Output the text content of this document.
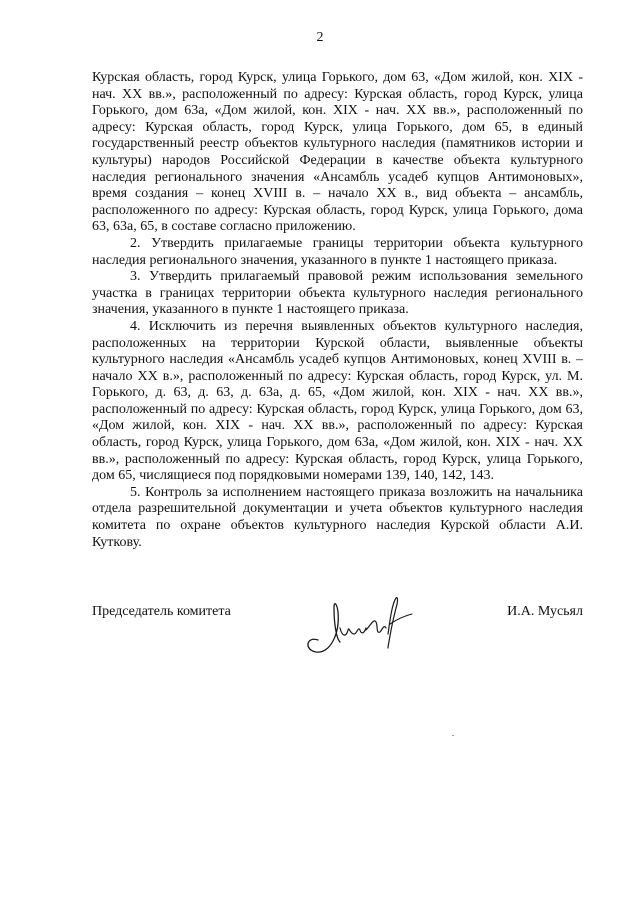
2

Курская область, город Курск, улица Горького, дом 63, «Дом жилой, кон. XIX - нач. XX вв.», расположенный по адресу: Курская область, город Курск, улица Горького, дом 63а, «Дом жилой, кон. XIX - нач. XX вв.», расположенный по адресу: Курская область, город Курск, улица Горького, дом 65, в единый государственный реестр объектов культурного наследия (памятников истории и культуры) народов Российской Федерации в качестве объекта культурного наследия регионального значения «Ансамбль усадеб купцов Антимоновых», время создания – конец XVIII в. – начало XX в., вид объекта – ансамбль, расположенного по адресу: Курская область, город Курск, улица Горького, дома 63, 63а, 65, в составе согласно приложению.

2. Утвердить прилагаемые границы территории объекта культурного наследия регионального значения, указанного в пункте 1 настоящего приказа.

3. Утвердить прилагаемый правовой режим использования земельного участка в границах территории объекта культурного наследия регионального значения, указанного в пункте 1 настоящего приказа.

4. Исключить из перечня выявленных объектов культурного наследия, расположенных на территории Курской области, выявленные объекты культурного наследия «Ансамбль усадеб купцов Антимоновых, конец XVIII в. – начало XX в.», расположенный по адресу: Курская область, город Курск, ул. М. Горького, д. 63, д. 63, д. 63а, д. 65, «Дом жилой, кон. XIX - нач. XX вв.», расположенный по адресу: Курская область, город Курск, улица Горького, дом 63, «Дом жилой, кон. XIX - нач. XX вв.», расположенный по адресу: Курская область, город Курск, улица Горького, дом 63а, «Дом жилой, кон. XIX - нач. XX вв.», расположенный по адресу: Курская область, город Курск, улица Горького, дом 65, числящиеся под порядковыми номерами 139, 140, 142, 143.

5. Контроль за исполнением настоящего приказа возложить на начальника отдела разрешительной документации и учета объектов культурного наследия комитета по охране объектов культурного наследия Курской области А.И. Куткову.

Председатель комитета	И.А. Мусьял
